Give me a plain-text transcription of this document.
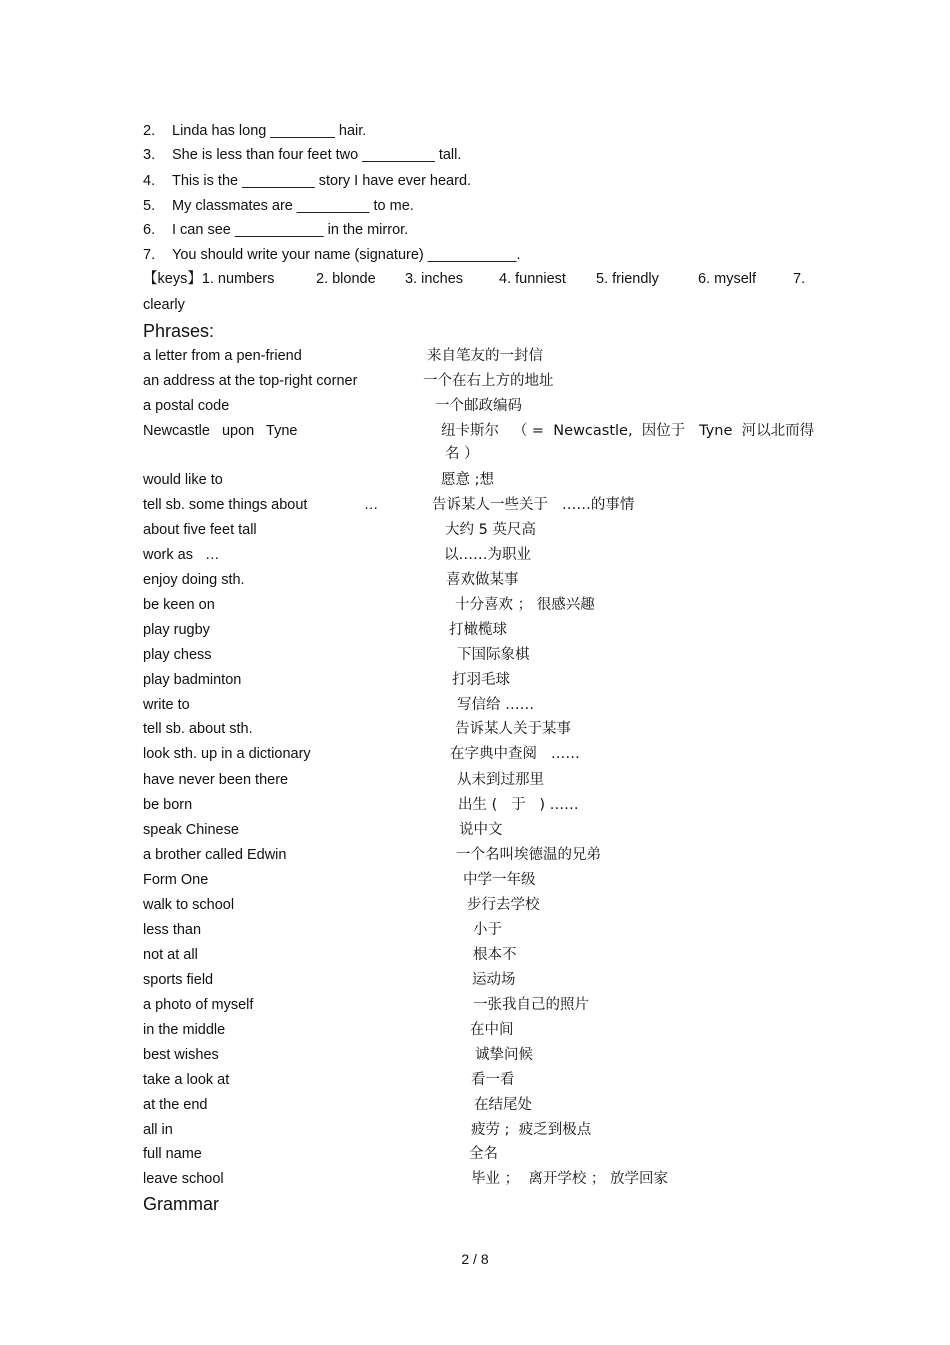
2. Linda has long ________ hair.
3. She is less than four feet two _________ tall.
4. This is the _________ story I have ever heard.
5. My classmates are _________ to me.
6. I can see ___________ in the mirror.
7. You should write your name (signature) ___________.
【keys】1. numbers	2. blonde 3. inches 4. funniest 5. friendly	6. myself	7.
clearly
Phrases:
a letter from a pen-friend	来自笔友的一封信
an address at the top-right corner	一个在右上方的地址
a postal code	一个邮政编码
Newcastle   upon   Tyne	纽卡斯尔   （ =  Newcastle,  因位于   Tyne  河以北而得
名 ）
would like to	愿意 ;想
tell sb. some things about              …	告诉某人一些关于   ……的事情
about five feet tall	大约 5 英尺高
work as   …	以……为职业
enjoy doing sth.	喜欢做某事
be keen on	十分喜欢 ； 很感兴趣
play rugby	打橄榄球
play chess	下国际象棋
play badminton	打羽毛球
write to	写信给 ……
tell sb. about sth.	告诉某人关于某事
look sth. up in a dictionary	在字典中查阅   ……
have never been there	从未到过那里
be born	出生 (   于   ) ……
speak Chinese	说中文
a brother called Edwin	一个名叫埃德温的兄弟
Form One	中学一年级
walk to school	步行去学校
less than	小于
not at all	根本不
sports field	运动场
a photo of myself	一张我自己的照片
in the middle	在中间
best wishes	诚挚问候
take a look at	看一看
at the end	在结尾处
all in	疲劳 ;  疲乏到极点
full name	全名
leave school	毕业 ；  离开学校 ； 放学回家
Grammar
2 / 8
